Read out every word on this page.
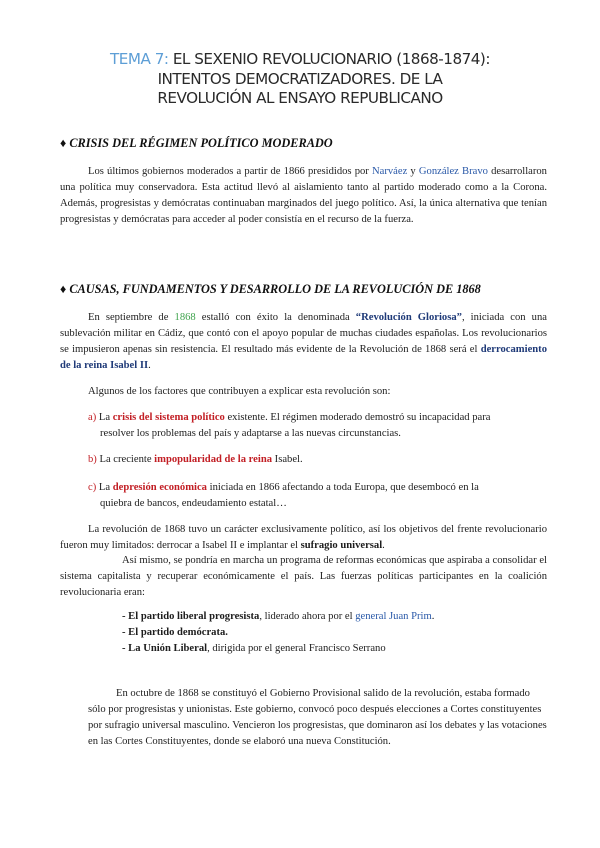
TEMA 7: EL SEXENIO REVOLUCIONARIO (1868-1874):
INTENTOS DEMOCRATIZADORES. DE LA
REVOLUCIÓN AL ENSAYO REPUBLICANO
♦ CRISIS DEL RÉGIMEN POLÍTICO MODERADO

Los últimos gobiernos moderados a partir de 1866 presididos por Narváez y González Bravo desarrollaron una política muy conservadora. Esta actitud llevó al aislamiento tanto al partido moderado como a la Corona. Además, progresistas y demócratas continuaban marginados del juego político. Así, la única alternativa que tenían progresistas y demócratas para acceder al poder consistía en el recurso de la fuerza.

♦ CAUSAS, FUNDAMENTOS Y DESARROLLO DE LA REVOLUCIÓN DE 1868

En septiembre de 1868 estalló con éxito la denominada “Revolución Gloriosa”, iniciada con una sublevación militar en Cádiz, que contó con el apoyo popular de muchas ciudades españolas. Los revolucionarios se impusieron apenas sin resistencia. El resultado más evidente de la Revolución de 1868 será el derrocamiento de la reina Isabel II.

Algunos de los factores que contribuyen a explicar esta revolución son:

a) La crisis del sistema político existente. El régimen moderado demostró su incapacidad para
resolver los problemas del país y adaptarse a las nuevas circunstancias.
b) La creciente impopularidad de la reina Isabel.
c) La depresión económica iniciada en 1866 afectando a toda Europa, que desembocó en la
quiebra de bancos, endeudamiento estatal…

La revolución de 1868 tuvo un carácter exclusivamente político, así los objetivos del frente revolucionario fueron muy limitados: derrocar a Isabel II e implantar el sufragio universal.

Así mismo, se pondría en marcha un programa de reformas económicas que aspiraba a consolidar el sistema capitalista y recuperar económicamente el país. Las fuerzas políticas participantes en la coalición revolucionaria eran:

- El partido liberal progresista, liderado ahora por el general Juan Prim.
- El partido demócrata.
- La Unión Liberal, dirigida por el general Francisco Serrano

En octubre de 1868 se constituyó el Gobierno Provisional salido de la revolución, estaba formado sólo por progresistas y unionistas. Este gobierno, convocó poco después elecciones a Cortes constituyentes por sufragio universal masculino. Vencieron los progresistas, que dominaron así los debates y las votaciones en las Cortes Constituyentes, donde se elaboró una nueva Constitución.
